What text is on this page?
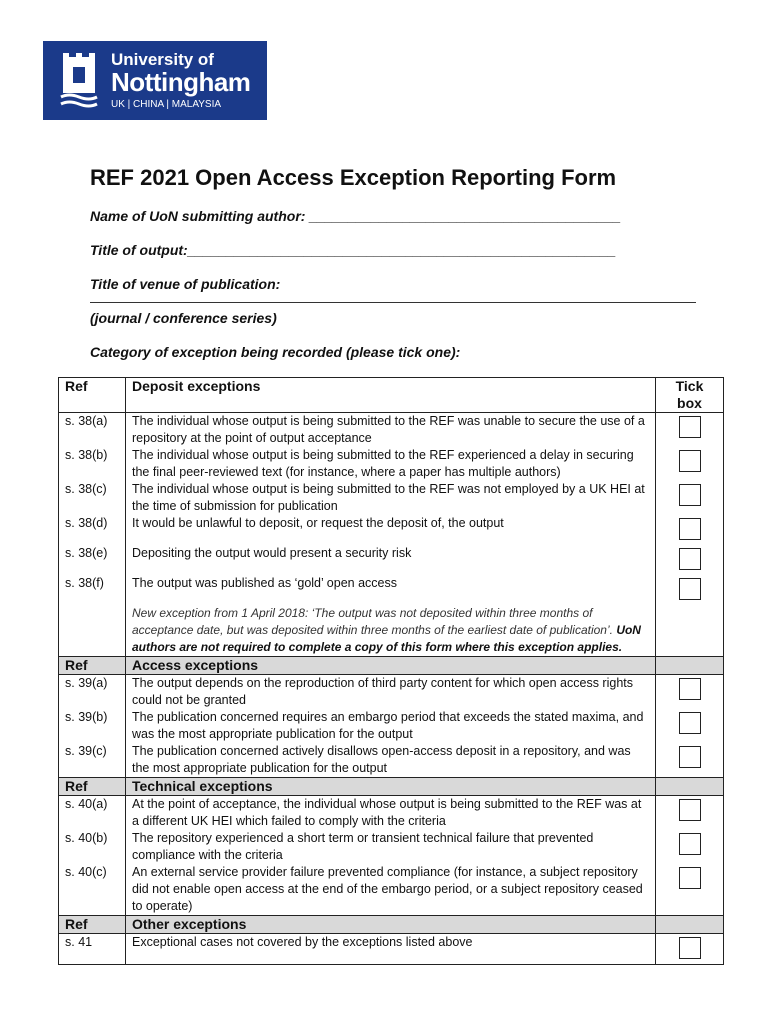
University of
Nottingham
UK | CHINA | MALAYSIA
REF 2021 Open Access Exception Reporting Form
Name of UoN submitting author: ________________________________________
Title of output:_______________________________________________________
Title of venue of publication:
(journal / conference series)
Category of exception being recorded (please tick one):
Ref	Deposit exceptions	Tick box
s. 38(a)	The individual whose output is being submitted to the REF was unable to secure the use of a repository at the point of output acceptance	
s. 38(b)	The individual whose output is being submitted to the REF experienced a delay in securing the final peer-reviewed text (for instance, where a paper has multiple authors)	
s. 38(c)	The individual whose output is being submitted to the REF was not employed by a UK HEI at the time of submission for publication	
s. 38(d)	It would be unlawful to deposit, or request the deposit of, the output	
s. 38(e)	Depositing the output would present a security risk	
s. 38(f)	The output was published as ‘gold’ open access	
	New exception from 1 April 2018: ‘The output was not deposited within three months of acceptance date, but was deposited within three months of the earliest date of publication’. UoN authors are not required to complete a copy of this form where this exception applies.	
Ref	Access exceptions	
s. 39(a)	The output depends on the reproduction of third party content for which open access rights could not be granted	
s. 39(b)	The publication concerned requires an embargo period that exceeds the stated maxima, and was the most appropriate publication for the output	
s. 39(c)	The publication concerned actively disallows open-access deposit in a repository, and was the most appropriate publication for the output	
Ref	Technical exceptions	
s. 40(a)	At the point of acceptance, the individual whose output is being submitted to the REF was at a different UK HEI which failed to comply with the criteria	
s. 40(b)	The repository experienced a short term or transient technical failure that prevented compliance with the criteria	
s. 40(c)	An external service provider failure prevented compliance (for instance, a subject repository did not enable open access at the end of the embargo period, or a subject repository ceased to operate)	
Ref	Other exceptions	
s. 41	Exceptional cases not covered by the exceptions listed above	
